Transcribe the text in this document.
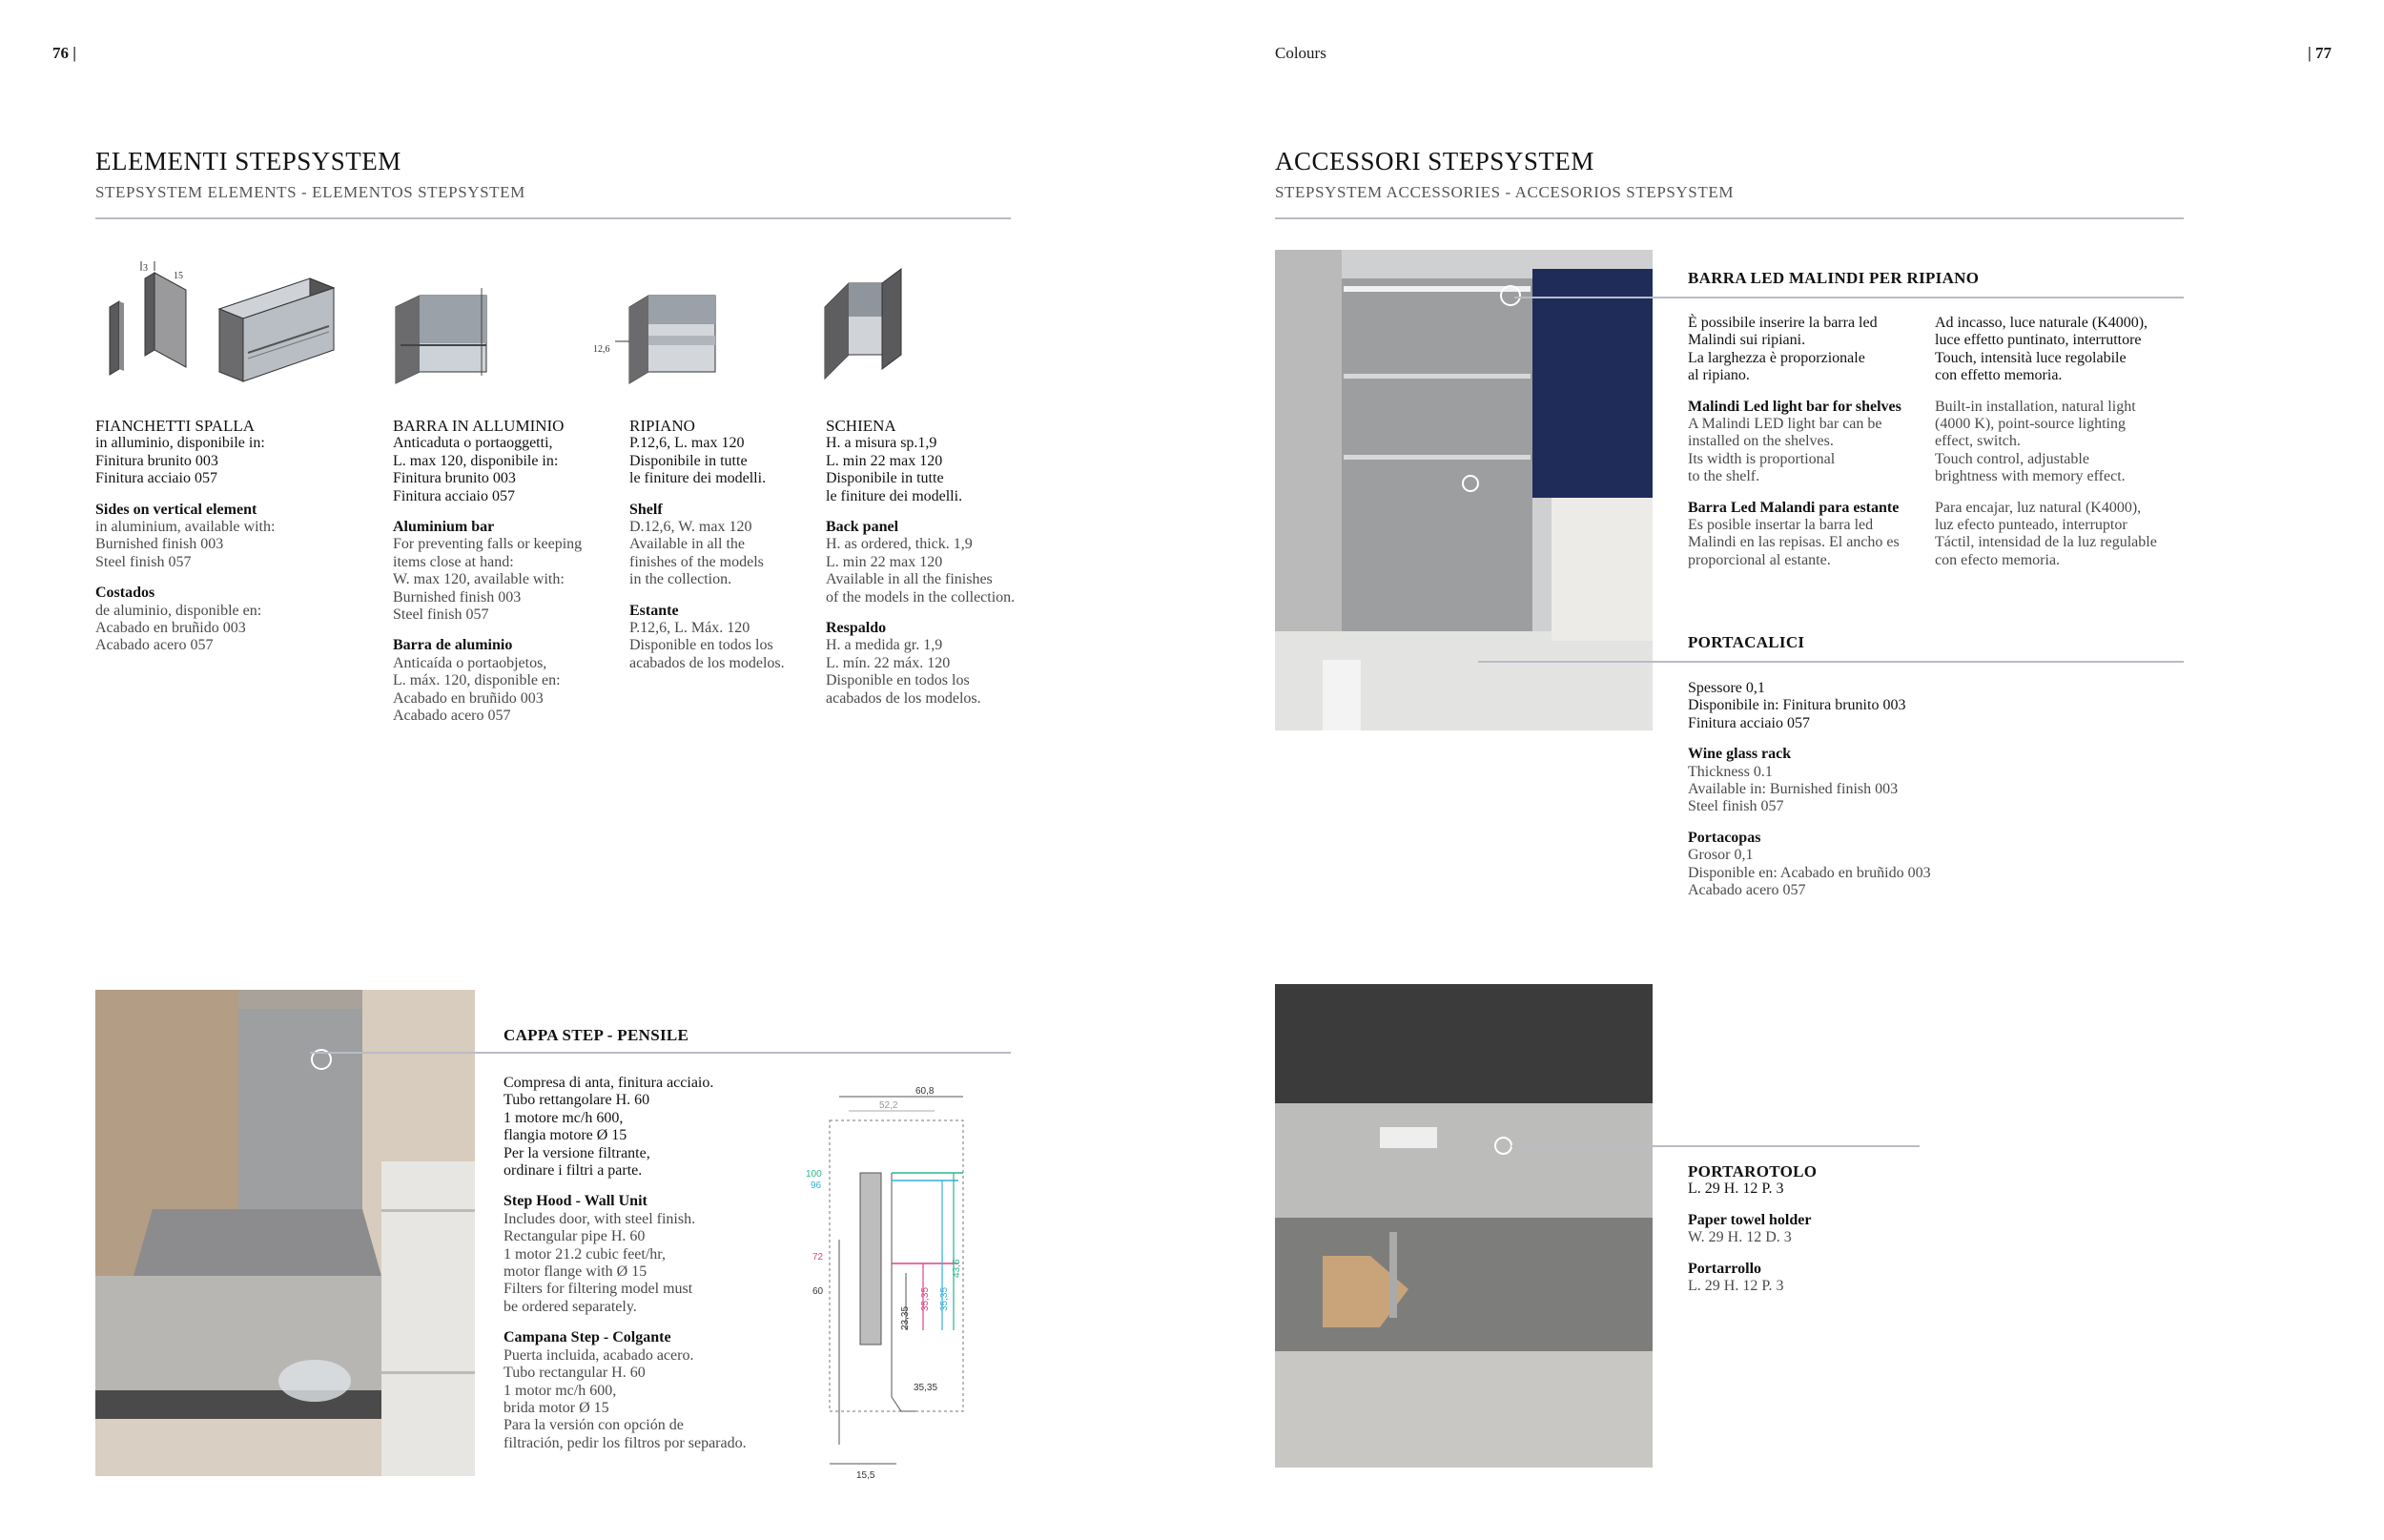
76 |	Colours	| 77
ELEMENTI STEPSYSTEM
STEPSYSTEM ELEMENTS - ELEMENTOS STEPSYSTEM
3
15
12,6
FIANCHETTI SPALLA
in alluminio, disponibile in:
Finitura brunito 003
Finitura acciaio 057
Sides on vertical element
in aluminium, available with:
Burnished finish 003
Steel finish 057
Costados
de aluminio, disponible en:
Acabado en bruñido 003
Acabado acero 057
BARRA IN ALLUMINIO
Anticaduta o portaoggetti,
L. max 120, disponibile in:
Finitura brunito 003
Finitura acciaio 057
Aluminium bar
For preventing falls or keeping
items close at hand:
W. max 120, available with:
Burnished finish 003
Steel finish 057
Barra de aluminio
Anticaída o portaobjetos,
L. máx. 120, disponible en:
Acabado en bruñido 003
Acabado acero 057
RIPIANO
P.12,6, L. max 120
Disponibile in tutte
le finiture dei modelli.
Shelf
D.12,6, W. max 120
Available in all the
finishes of the models
in the collection.
Estante
P.12,6, L. Máx. 120
Disponible en todos los
acabados de los modelos.
SCHIENA
H. a misura sp.1,9
L. min 22 max 120
Disponibile in tutte
le finiture dei modelli.
Back panel
H. as ordered, thick. 1,9
L. min 22 max 120
Available in all the finishes
of the models in the collection.
Respaldo
H. a medida gr. 1,9
L. mín. 22 máx. 120
Disponible en todos los
acabados de los modelos.
CAPPA STEP - PENSILE
Compresa di anta, finitura acciaio.
Tubo rettangolare H. 60
1 motore mc/h 600,
flangia motore Ø 15
Per la versione filtrante,
ordinare i filtri a parte.
Step Hood - Wall Unit
Includes door, with steel finish.
Rectangular pipe H. 60
1 motor 21.2 cubic feet/hr,
motor flange with Ø 15
Filters for filtering model must
be ordered separately.
Campana Step - Colgante
Puerta incluida, acabado acero.
Tubo rectangular H. 60
1 motor mc/h 600,
brida motor Ø 15
Para la versión con opción de
filtración, pedir los filtros por separado.
60,8
52,2
100
96
72
60
23,35
35,35 35,35
43,5
35,35
15,5
ACCESSORI STEPSYSTEM
STEPSYSTEM ACCESSORIES - ACCESORIOS STEPSYSTEM
BARRA LED MALINDI PER RIPIANO
È possibile inserire la barra led
Malindi sui ripiani.
La larghezza è proporzionale
al ripiano.
Malindi Led light bar for shelves
A Malindi LED light bar can be
installed on the shelves.
Its width is proportional
to the shelf.
Barra Led Malandi para estante
Es posible insertar la barra led
Malindi en las repisas. El ancho es
proporcional al estante.
Ad incasso, luce naturale (K4000),
luce effetto puntinato, interruttore
Touch, intensità luce regolabile
con effetto memoria.
Built-in installation, natural light
(4000 K), point-source lighting
effect, switch.
Touch control, adjustable
brightness with memory effect.
Para encajar, luz natural (K4000),
luz efecto punteado, interruptor
Táctil, intensidad de la luz regulable
con efecto memoria.
PORTACALICI
Spessore 0,1
Disponibile in: Finitura brunito 003
Finitura acciaio 057
Wine glass rack
Thickness 0.1
Available in: Burnished finish 003
Steel finish 057
Portacopas
Grosor 0,1
Disponible en: Acabado en bruñido 003
Acabado acero 057
PORTAROTOLO
L. 29 H. 12 P. 3
Paper towel holder
W. 29 H. 12 D. 3
Portarrollo
L. 29 H. 12 P. 3
